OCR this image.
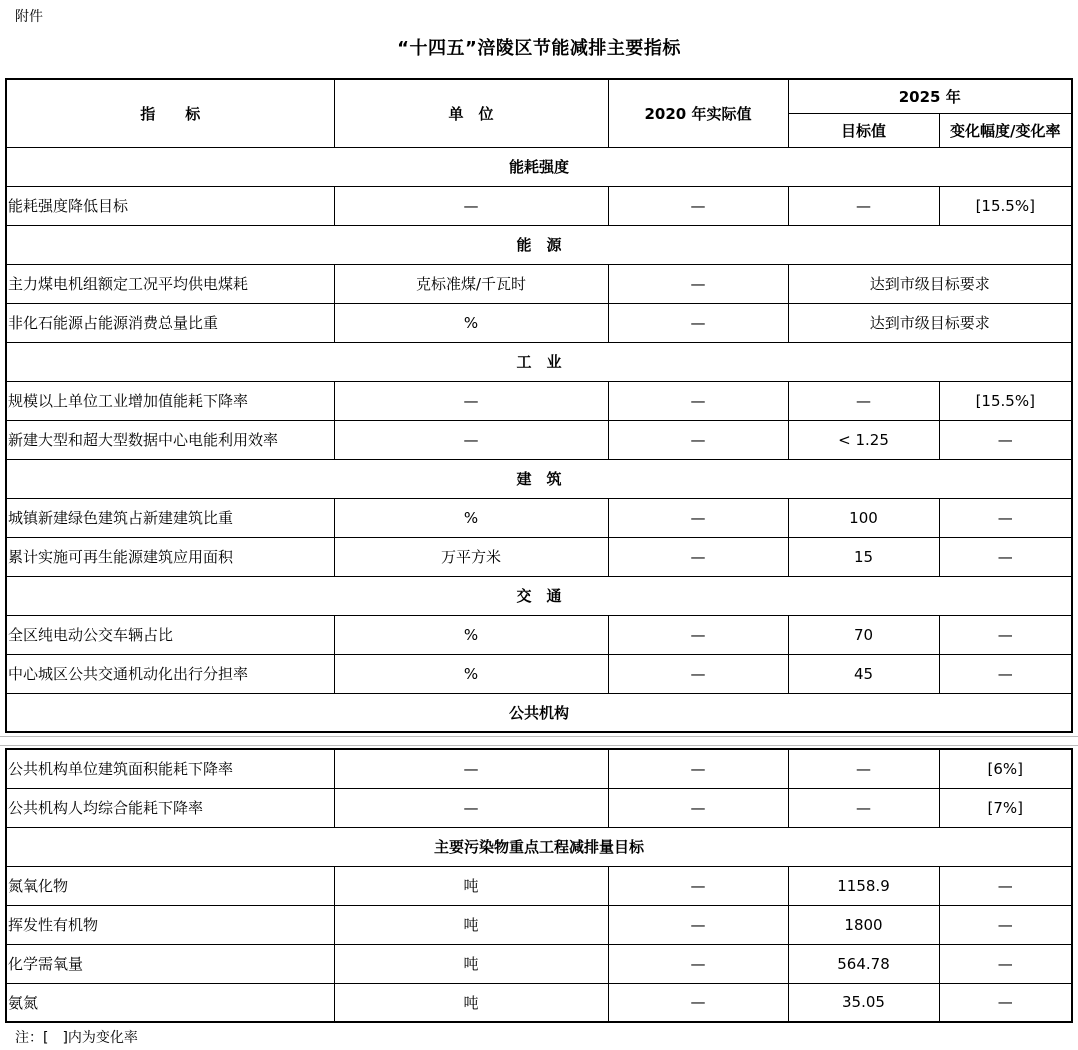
附件
“十四五”涪陵区节能减排主要指标
指　　标	单　位	2020 年实际值	2025 年	
			目标值	变化幅度/变化率
能耗强度				
能耗强度降低目标	—	—	—	[15.5%]
能　源				
主力煤电机组额定工况平均供电煤耗	克标准煤/千瓦时	—	达到市级目标要求	
非化石能源占能源消费总量比重	%	—	达到市级目标要求	
工　业				
规模以上单位工业增加值能耗下降率	—	—	—	[15.5%]
新建大型和超大型数据中心电能利用效率	—	—	< 1.25	—
建　筑				
城镇新建绿色建筑占新建建筑比重	%	—	100	—
累计实施可再生能源建筑应用面积	万平方米	—	15	—
交　通				
全区纯电动公交车辆占比	%	—	70	—
中心城区公共交通机动化出行分担率	%	—	45	—
公共机构				
公共机构单位建筑面积能耗下降率	—	—	—	[6%]
公共机构人均综合能耗下降率	—	—	—	[7%]
主要污染物重点工程减排量目标				
氮氧化物	吨	—	1158.9	—
挥发性有机物	吨	—	1800	—
化学需氧量	吨	—	564.78	—
氨氮	吨	—	35.05	—
注：[　]内为变化率
